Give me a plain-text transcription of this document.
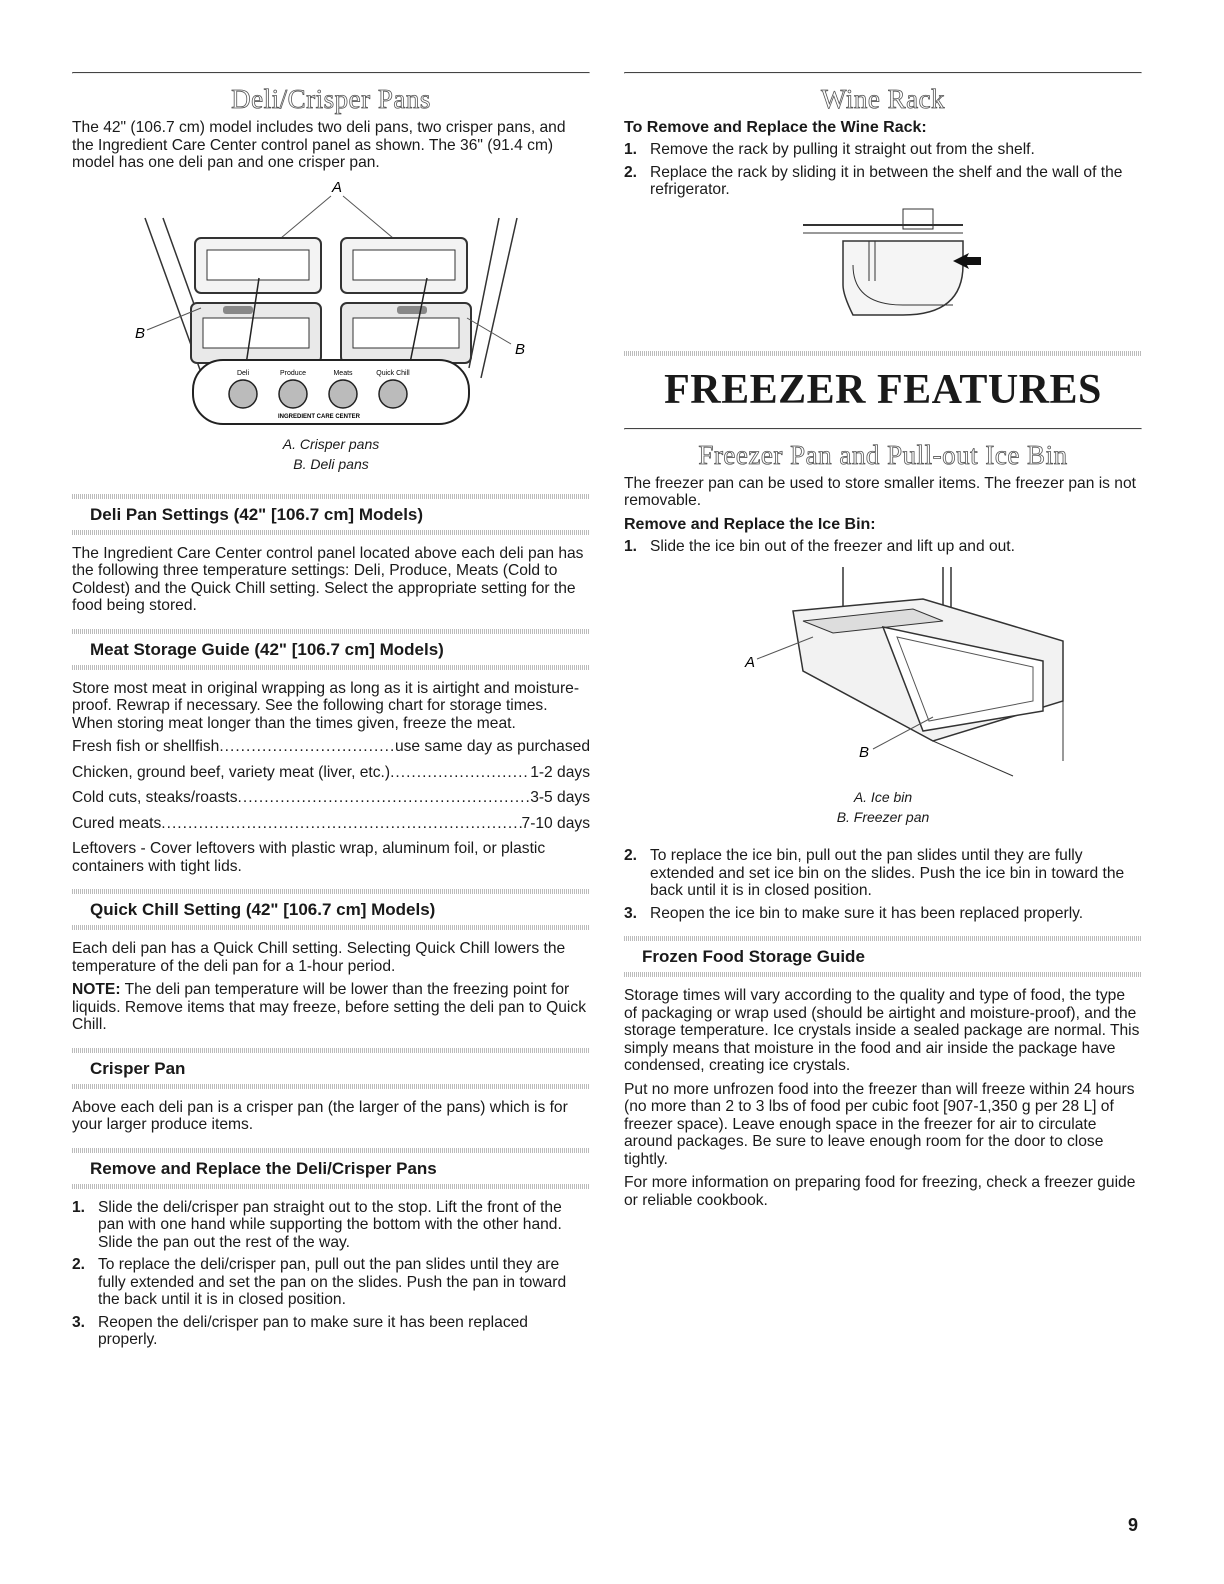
Deli/Crisper Pans

The 42" (106.7 cm) model includes two deli pans, two crisper pans, and the Ingredient Care Center control panel as shown. The 36" (91.4 cm) model has one deli pan and one crisper pan.

A
B
B
Deli	Produce	Meats	Quick Chill
INGREDIENT CARE CENTER
A. Crisper pans
B. Deli pans
Deli Pan Settings (42" [106.7 cm] Models)

The Ingredient Care Center control panel located above each deli pan has the following three temperature settings: Deli, Produce, Meats (Cold to Coldest) and the Quick Chill setting. Select the appropriate setting for the food being stored.

Meat Storage Guide (42" [106.7 cm] Models)

Store most meat in original wrapping as long as it is airtight and moisture-proof. Rewrap if necessary. See the following chart for storage times. When storing meat longer than the times given, freeze the meat.

Fresh fish or shellfish .....	use same day as purchased
Chicken, ground beef, variety meat (liver, etc.) .....	1-2 days
Cold cuts, steaks/roasts .....	3-5 days
Cured meats .....	7-10 days

Leftovers - Cover leftovers with plastic wrap, aluminum foil, or plastic containers with tight lids.

Quick Chill Setting (42" [106.7 cm] Models)

Each deli pan has a Quick Chill setting. Selecting Quick Chill lowers the temperature of the deli pan for a 1-hour period.

NOTE: The deli pan temperature will be lower than the freezing point for liquids. Remove items that may freeze, before setting the deli pan to Quick Chill.

Crisper Pan

Above each deli pan is a crisper pan (the larger of the pans) which is for your larger produce items.

Remove and Replace the Deli/Crisper Pans
1. Slide the deli/crisper pan straight out to the stop. Lift the front of the pan with one hand while supporting the bottom with the other hand. Slide the pan out the rest of the way.
2. To replace the deli/crisper pan, pull out the pan slides until they are fully extended and set the pan on the slides. Push the pan in toward the back until it is in closed position.
3. Reopen the deli/crisper pan to make sure it has been replaced properly.
Wine Rack
To Remove and Replace the Wine Rack:
1. Remove the rack by pulling it straight out from the shelf.
2. Replace the rack by sliding it in between the shelf and the wall of the refrigerator.
FREEZER FEATURES
Freezer Pan and Pull-out Ice Bin

The freezer pan can be used to store smaller items. The freezer pan is not removable.

Remove and Replace the Ice Bin:
1. Slide the ice bin out of the freezer and lift up and out.
A
B
A. Ice bin
B. Freezer pan
2. To replace the ice bin, pull out the pan slides until they are fully extended and set ice bin on the slides. Push the ice bin in toward the back until it is in closed position.
3. Reopen the ice bin to make sure it has been replaced properly.
Frozen Food Storage Guide

Storage times will vary according to the quality and type of food, the type of packaging or wrap used (should be airtight and moisture-proof), and the storage temperature. Ice crystals inside a sealed package are normal. This simply means that moisture in the food and air inside the package have condensed, creating ice crystals.

Put no more unfrozen food into the freezer than will freeze within 24 hours (no more than 2 to 3 lbs of food per cubic foot [907-1,350 g per 28 L] of freezer space). Leave enough space in the freezer for air to circulate around packages. Be sure to leave enough room for the door to close tightly.

For more information on preparing food for freezing, check a freezer guide or reliable cookbook.

9
